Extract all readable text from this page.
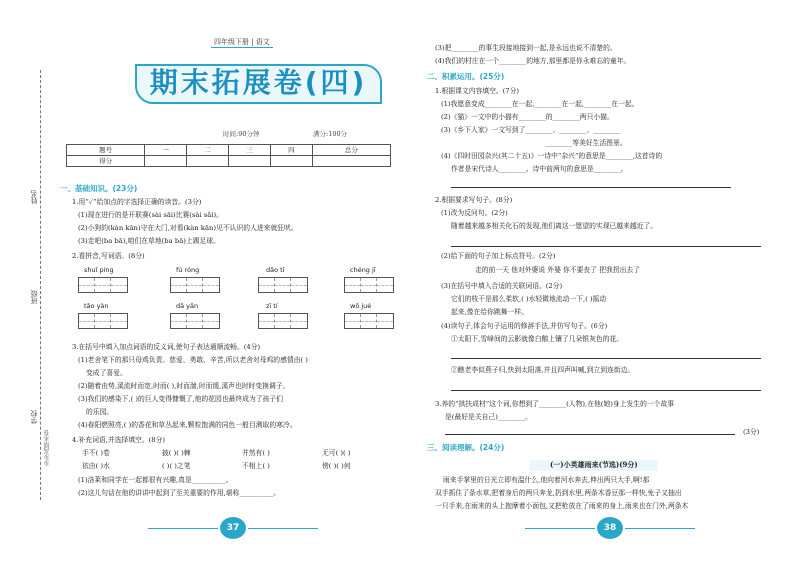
姓名
班级
学校
步步高期末卷
四年级下册 | 语文
期末拓展卷(四)
时间:90分钟	满分:100分
题号	一	二	三	四	总分
得分					
一、基础知识。(23分)
1.用“✓”给加点的字选择正确的读音。(3分)
(1)现在进行的是开联赛(sài sāi)比赛(sài sǎi)。
(2)小狗的(kàn kān)守在大门,对看(kàn kān)见不认识的人进来就狂吠。
(3)走吧(ba bā),咱们在草地(ba bā)上踢足球。
2.看拼音,写词语。(8分)
shuǐ píng	fú róng	dǎo tī	chéng jī
tǎo yàn	dǎ yǎn	zī tí	wǒ jué
3.在括号中填入加点词语的反义词,使句子表达通顺流畅。(4分)
(1)老舍笔下的那只母鸡负责、慈爱、勇敢、辛苦,所以老舍对母鸡的感情由( )
变成了喜爱。
(2)随着由势,溪流时而宽,时而( ),时而湍,时而缓,溪声也时时变换调子。
(3)我们的感染下,( )的巨人变得慷慨了,他的花园也最终成为了孩子们
的乐园。
(4)春阳燃照亮,( )的香花和草丛起来,颗粒饱满的同色一般目测取的寒冷。
4.补充词语,并选择填空。(8分)
手不( )卷	披( )( )棘	井然有( )	无可( )( )
依由( )水	( )( )之笔	不相上( )	傍( )( )何
(1)洛莱和同学在一起都很有兴趣,真是__________。
(2)这儿句话在他的讲讲中起到了至关重要的作用,堪称__________。
37
(3)把________的事生段接地接到一起,是永远也说不清楚的。
(4)我们的村庄在一个________的地方,那里都是你永难忘的童年。
二、积累运用。(25分)
1.根据课文内容填空。(7分)
(1)我愿意变成________在一起,________在一起,________在一起。
(2)《猫》一文中的小猫有________的________两只小猫。
(3)《乡下人家》一文写到了________、________、________
________等美好生活图景。
(4)《四时田园杂兴(其二十五)》一诗中“杂兴”的意思是________,这首诗的
作者是宋代诗人________。诗中前两句的意思是________。
2.根据要求写句子。(8分)
(1)改为反问句。(2分)
随着越来越多相关化石的发现,他们离这一愿望的实现已越来越近了。
(2)给下面的句子加上标点符号。(2分)
走的前一天 他对外婆说 外婆 你不要丧了 把我拐出去了
(3)在括号中填入合适的关联词语。(2分)
它们的枝干是那么柔软,( )水轻微地流动一下,( )摇动
起来,像在给你跳舞一样。
(4)读句子,体会句子运用的修辞手法,并仿写句子。(6分)
①太阳下,雪峰间的云影就像白鹅上镶了几朵银灰色的花。
②瞧老李似燕子归,快到太阳落,并且四声叫喊,到立到连街边。
3.养的“拱扶成材”这个词,你想到了________(人物),在他(她)身上发生的一个故事
是(最好是关自己)________。
(3分)
三、阅读理解。(24分)
(一)小英雄雨来(节选)(9分)
雨来手掌里的日光立即有温什么,他向着河水奔去,伸出两只大手,啊!那
双手抓住了条水草,把着身后的两只奔龙,扔到水里,两条木香豆那一样快,免子又抽出
一只手来,在雨来的头上抱摩着小面包,又把枪放在了雨来的身上,雨来也在门外,两条木
38
